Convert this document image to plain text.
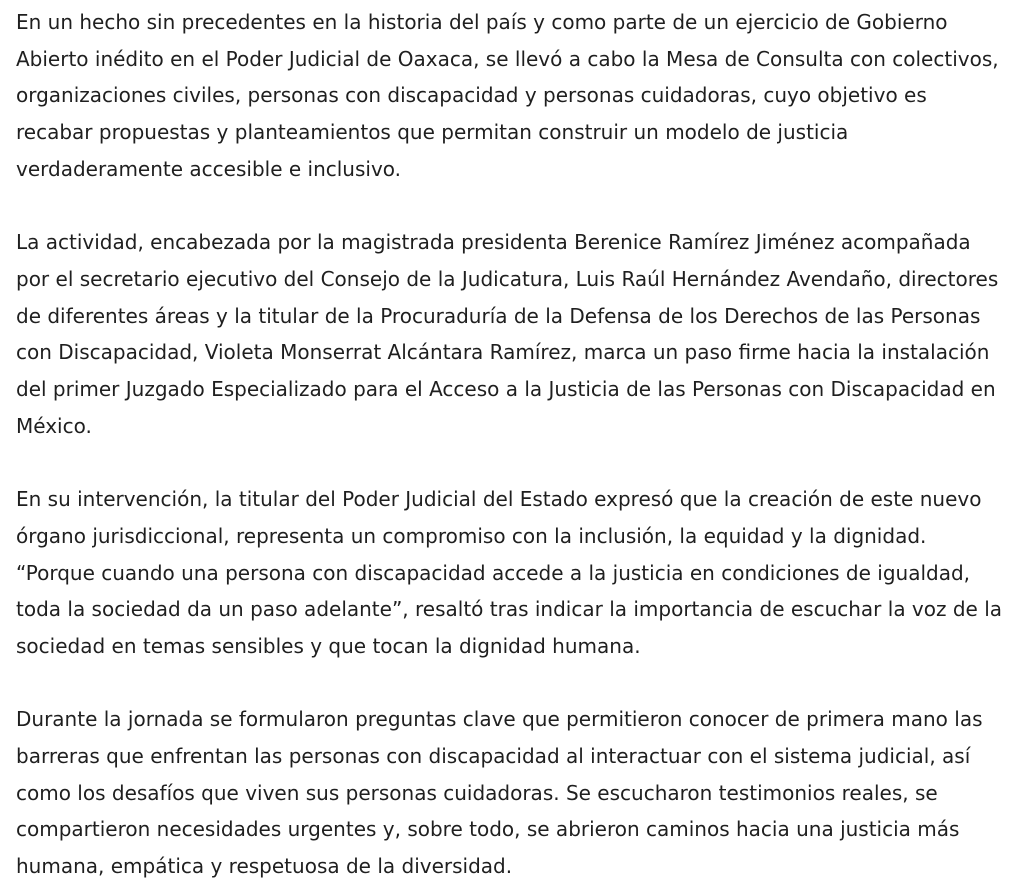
En un hecho sin precedentes en la historia del país y como parte de un ejercicio de Gobierno Abierto inédito en el Poder Judicial de Oaxaca, se llevó a cabo la Mesa de Consulta con colectivos, organizaciones civiles, personas con discapacidad y personas cuidadoras, cuyo objetivo es recabar propuestas y planteamientos que permitan construir un modelo de justicia verdaderamente accesible e inclusivo.

La actividad, encabezada por la magistrada presidenta Berenice Ramírez Jiménez acompañada por el secretario ejecutivo del Consejo de la Judicatura, Luis Raúl Hernández Avendaño, directores de diferentes áreas y la titular de la Procuraduría de la Defensa de los Derechos de las Personas con Discapacidad, Violeta Monserrat Alcántara Ramírez, marca un paso firme hacia la instalación del primer Juzgado Especializado para el Acceso a la Justicia de las Personas con Discapacidad en México.

En su intervención, la titular del Poder Judicial del Estado expresó que la creación de este nuevo órgano jurisdiccional, representa un compromiso con la inclusión, la equidad y la dignidad. “Porque cuando una persona con discapacidad accede a la justicia en condiciones de igualdad, toda la sociedad da un paso adelante”, resaltó tras indicar la importancia de escuchar la voz de la sociedad en temas sensibles y que tocan la dignidad humana.

Durante la jornada se formularon preguntas clave que permitieron conocer de primera mano las barreras que enfrentan las personas con discapacidad al interactuar con el sistema judicial, así como los desafíos que viven sus personas cuidadoras. Se escucharon testimonios reales, se compartieron necesidades urgentes y, sobre todo, se abrieron caminos hacia una justicia más humana, empática y respetuosa de la diversidad.
